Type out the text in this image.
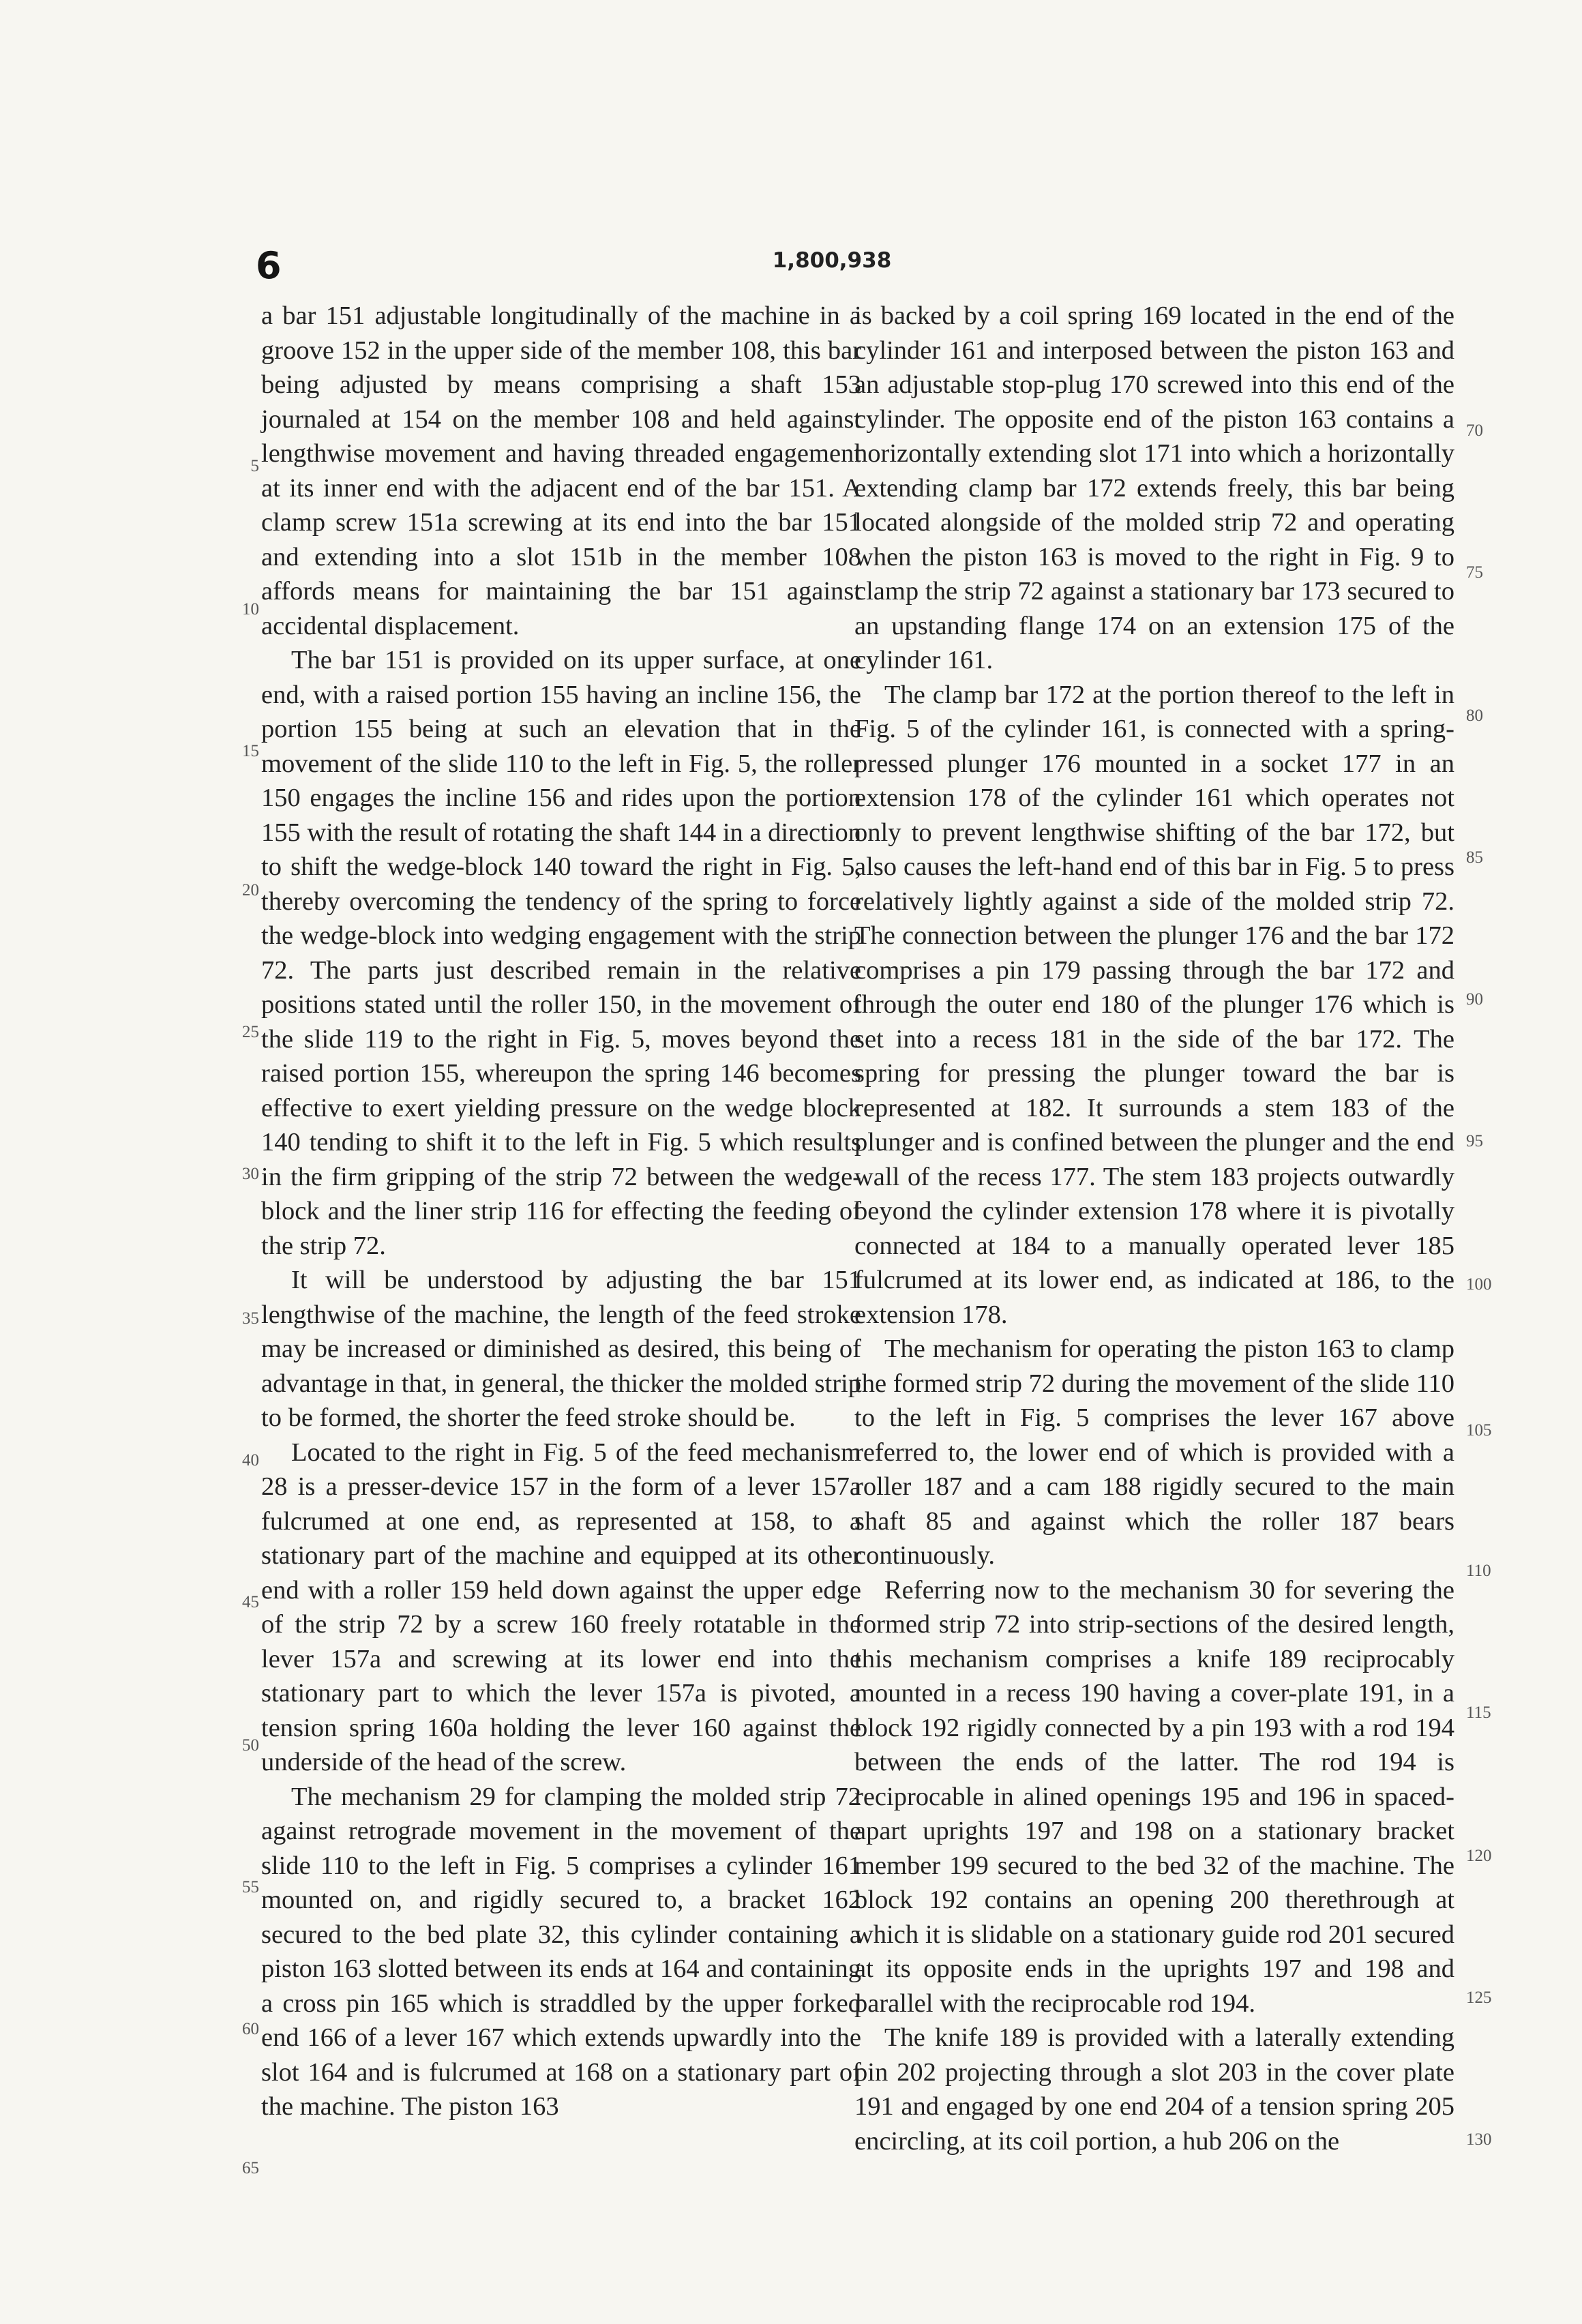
6	1,800,938

a bar 151 adjustable longitudinally of the machine in a groove 152 in the upper side of the member 108, this bar being adjusted by means comprising a shaft 153 journaled at 154 on the member 108 and held against lengthwise movement and having threaded engagement at its inner end with the adjacent end of the bar 151. A clamp screw 151a screwing at its end into the bar 151 and extending into a slot 151b in the member 108 affords means for maintaining the bar 151 against accidental displacement.

The bar 151 is provided on its upper surface, at one end, with a raised portion 155 having an incline 156, the portion 155 being at such an elevation that in the movement of the slide 110 to the left in Fig. 5, the roller 150 engages the incline 156 and rides upon the portion 155 with the result of rotating the shaft 144 in a direction to shift the wedge-block 140 toward the right in Fig. 5, thereby overcoming the tendency of the spring to force the wedge-block into wedging engagement with the strip 72. The parts just described remain in the relative positions stated until the roller 150, in the movement of the slide 119 to the right in Fig. 5, moves beyond the raised portion 155, whereupon the spring 146 becomes effective to exert yielding pressure on the wedge block 140 tending to shift it to the left in Fig. 5 which results in the firm gripping of the strip 72 between the wedge-block and the liner strip 116 for effecting the feeding of the strip 72.

It will be understood by adjusting the bar 151 lengthwise of the machine, the length of the feed stroke may be increased or diminished as desired, this being of advantage in that, in general, the thicker the molded strip to be formed, the shorter the feed stroke should be.

Located to the right in Fig. 5 of the feed mechanism 28 is a presser-device 157 in the form of a lever 157a fulcrumed at one end, as represented at 158, to a stationary part of the machine and equipped at its other end with a roller 159 held down against the upper edge of the strip 72 by a screw 160 freely rotatable in the lever 157a and screwing at its lower end into the stationary part to which the lever 157a is pivoted, a tension spring 160a holding the lever 160 against the underside of the head of the screw.

The mechanism 29 for clamping the molded strip 72 against retrograde movement in the movement of the slide 110 to the left in Fig. 5 comprises a cylinder 161 mounted on, and rigidly secured to, a bracket 162 secured to the bed plate 32, this cylinder containing a piston 163 slotted between its ends at 164 and containing a cross pin 165 which is straddled by the upper forked end 166 of a lever 167 which extends upwardly into the slot 164 and is fulcrumed at 168 on a stationary part of the machine. The piston 163

is backed by a coil spring 169 located in the end of the cylinder 161 and interposed between the piston 163 and an adjustable stop-plug 170 screwed into this end of the cylinder. The opposite end of the piston 163 contains a horizontally extending slot 171 into which a horizontally extending clamp bar 172 extends freely, this bar being located alongside of the molded strip 72 and operating when the piston 163 is moved to the right in Fig. 9 to clamp the strip 72 against a stationary bar 173 secured to an upstanding flange 174 on an extension 175 of the cylinder 161.

The clamp bar 172 at the portion thereof to the left in Fig. 5 of the cylinder 161, is connected with a spring-pressed plunger 176 mounted in a socket 177 in an extension 178 of the cylinder 161 which operates not only to prevent lengthwise shifting of the bar 172, but also causes the left-hand end of this bar in Fig. 5 to press relatively lightly against a side of the molded strip 72. The connection between the plunger 176 and the bar 172 comprises a pin 179 passing through the bar 172 and through the outer end 180 of the plunger 176 which is set into a recess 181 in the side of the bar 172. The spring for pressing the plunger toward the bar is represented at 182. It surrounds a stem 183 of the plunger and is confined between the plunger and the end wall of the recess 177. The stem 183 projects outwardly beyond the cylinder extension 178 where it is pivotally connected at 184 to a manually operated lever 185 fulcrumed at its lower end, as indicated at 186, to the extension 178.

The mechanism for operating the piston 163 to clamp the formed strip 72 during the movement of the slide 110 to the left in Fig. 5 comprises the lever 167 above referred to, the lower end of which is provided with a roller 187 and a cam 188 rigidly secured to the main shaft 85 and against which the roller 187 bears continuously.

Referring now to the mechanism 30 for severing the formed strip 72 into strip-sections of the desired length, this mechanism comprises a knife 189 reciprocably mounted in a recess 190 having a cover-plate 191, in a block 192 rigidly connected by a pin 193 with a rod 194 between the ends of the latter. The rod 194 is reciprocable in alined openings 195 and 196 in spaced-apart uprights 197 and 198 on a stationary bracket member 199 secured to the bed 32 of the machine. The block 192 contains an opening 200 therethrough at which it is slidable on a stationary guide rod 201 secured at its opposite ends in the uprights 197 and 198 and parallel with the reciprocable rod 194.

The knife 189 is provided with a laterally extending pin 202 projecting through a slot 203 in the cover plate 191 and engaged by one end 204 of a tension spring 205 encircling, at its coil portion, a hub 206 on the

5
10
15
20
25
30
35
40
45
50
55
60
65
70
75
80
85
90
95
100
105
110
115
120
125
130
